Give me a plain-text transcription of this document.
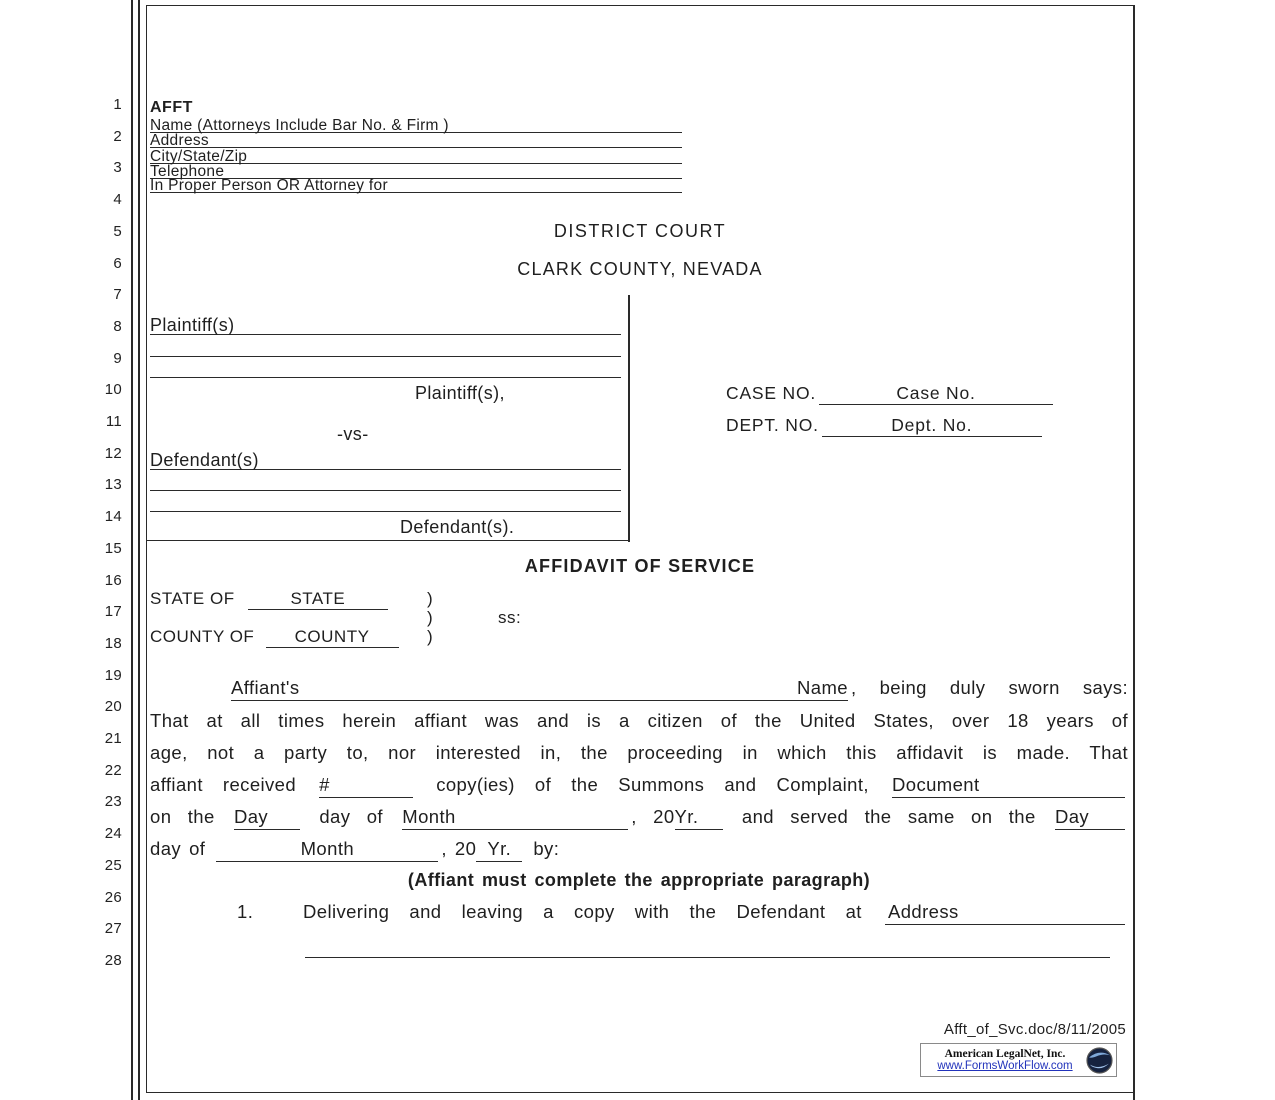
1
2
3
4
5
6
7
8
9
10
11
12
13
14
15
16
17
18
19
20
21
22
23
24
25
26
27
28
AFFT
Name (Attorneys Include Bar No. & Firm )
Address
City/State/Zip
Telephone
In Proper Person OR Attorney for
DISTRICT COURT
CLARK COUNTY, NEVADA
Plaintiff(s)
Plaintiff(s),
-vs-
Defendant(s)
Defendant(s).
CASE NO.	Case No.
DEPT. NO.	Dept. No.
AFFIDAVIT OF SERVICE
STATE OF	STATE	)
)	ss:
COUNTY OF COUNTY	)
Affiant's Name , being duly sworn says:
That at all times herein affiant was and is a citizen of the United States, over 18 years of
age, not a party to, nor interested in, the proceeding in which this affidavit is made. That
affiant received #	copy(ies) of the Summons and Complaint, Document
on the Day	day of Month	, 20Yr. and served the same on the Day
day of	Month	, 20 Yr. by:
(Affiant must complete the appropriate paragraph)
1.	Delivering and leaving a copy with the Defendant at Address
Afft_of_Svc.doc/8/11/2005
American LegalNet, Inc.
www.FormsWorkFlow.com
